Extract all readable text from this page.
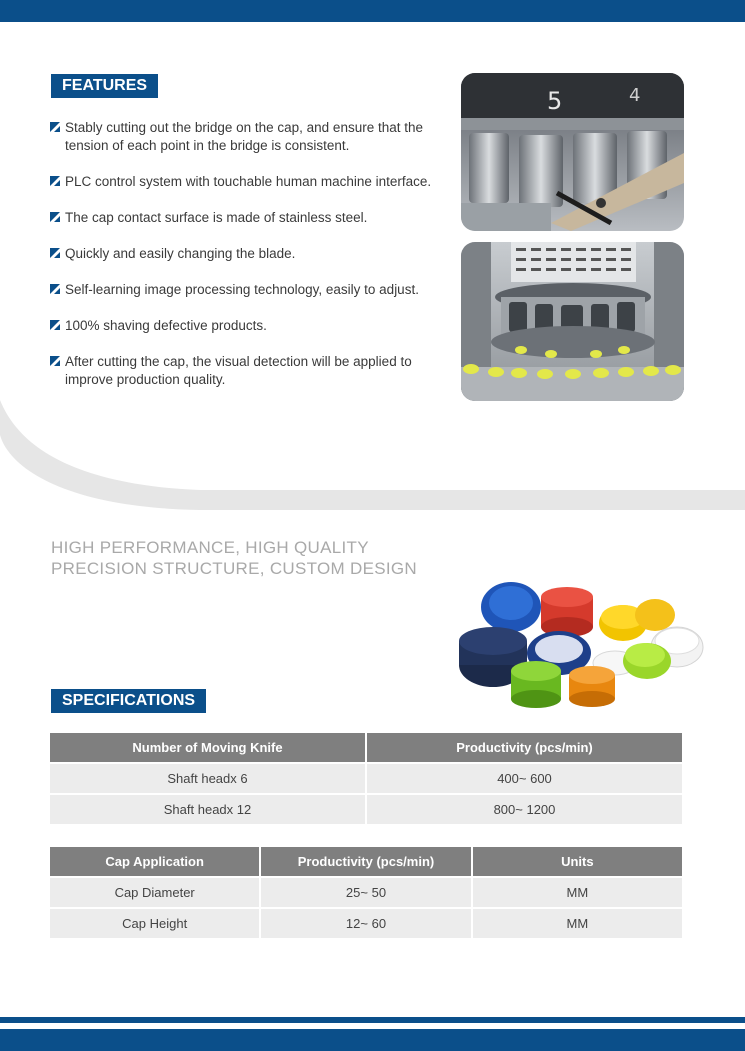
FEATURES
Stably cutting out the bridge on the cap, and ensure that the tension of each point in the bridge is consistent.
PLC control system with touchable human machine interface.
The cap contact surface is made of stainless steel.
Quickly and easily changing the blade.
Self-learning image processing technology, easily to adjust.
100% shaving defective products.
After cutting the cap, the visual detection will be applied to improve production quality.
5	4
HIGH PERFORMANCE, HIGH QUALITY
PRECISION STRUCTURE, CUSTOM DESIGN
SPECIFICATIONS
Number of Moving Knife	Productivity (pcs/min)
Shaft headx 6	400~ 600
Shaft headx 12	800~ 1200
Cap Application	Productivity (pcs/min)	Units
Cap Diameter	25~ 50	MM
Cap Height	12~ 60	MM
